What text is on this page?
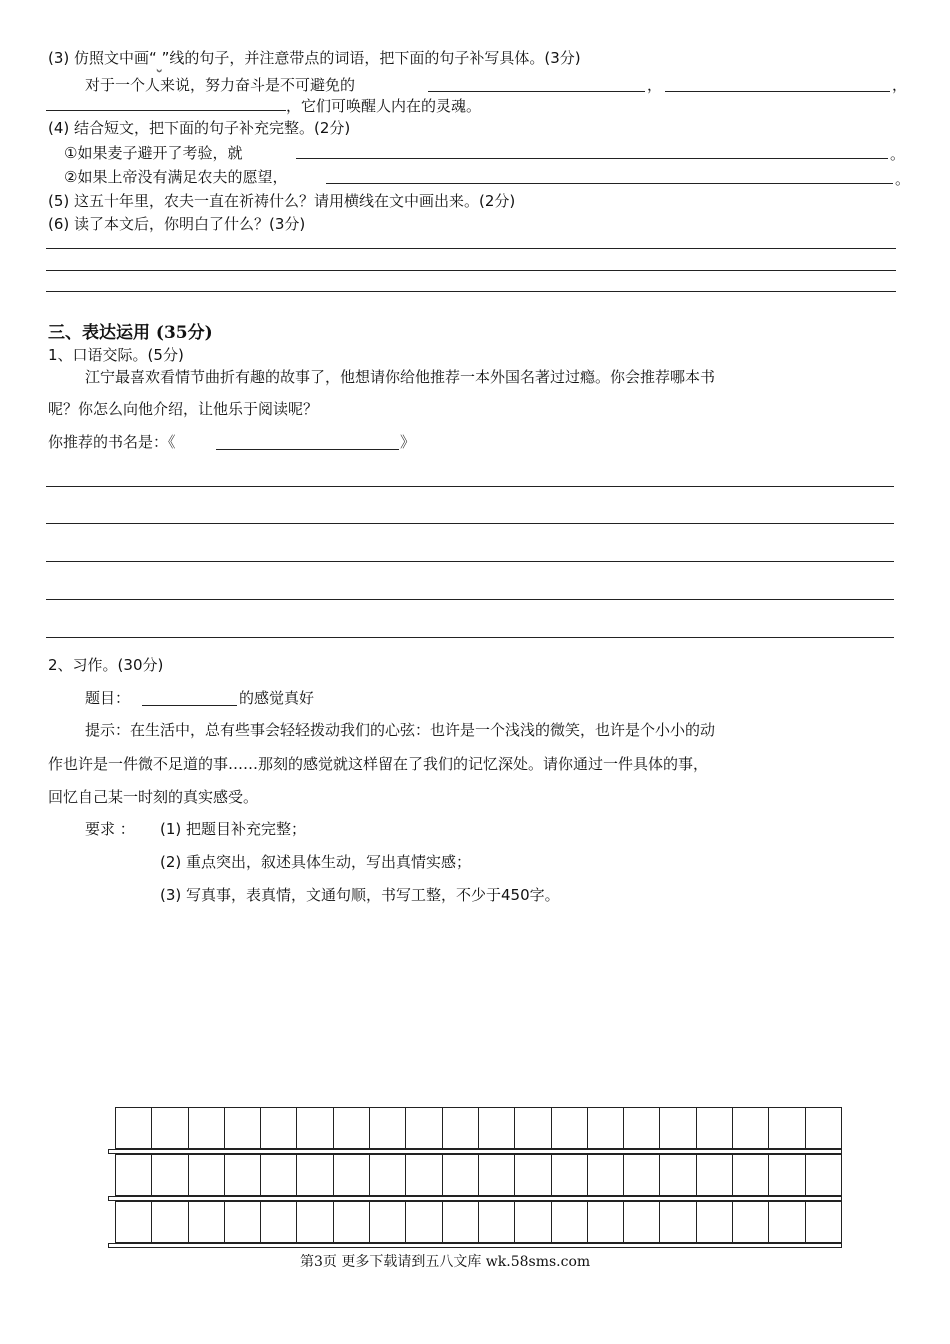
(3) 仿照文中画“ ”线的句子，并注意带点的词语，把下面的句子补写具体。(3分)
对于一个人来说，努力奋斗是不可避免的	，	，
，它们可唤醒人内在的灵魂。
(4) 结合短文，把下面的句子补充完整。(2分)
①如果麦子避开了考验，就	。
②如果上帝没有满足农夫的愿望，	。
(5) 这五十年里，农夫一直在祈祷什么？请用横线在文中画出来。(2分)
(6) 读了本文后，你明白了什么？(3分)
三、表达运用 (35分)
1、口语交际。(5分)
江宁最喜欢看情节曲折有趣的故事了，他想请你给他推荐一本外国名著过过瘾。你会推荐哪本书
呢？你怎么向他介绍，让他乐于阅读呢？
你推荐的书名是：《	》
2、习作。(30分)
题目：	的感觉真好
提示：在生活中，总有些事会轻轻拨动我们的心弦：也许是一个浅浅的微笑，也许是个小小的动
作也许是一件微不足道的事……那刻的感觉就这样留在了我们的记忆深处。请你通过一件具体的事，
回忆自己某一时刻的真实感受。
要求 ： (1) 把题目补充完整；
(2) 重点突出，叙述具体生动，写出真情实感；
(3) 写真事，表真情，文通句顺，书写工整，不少于450字。
第3页 更多下载请到五八文库 wk.58sms.com
